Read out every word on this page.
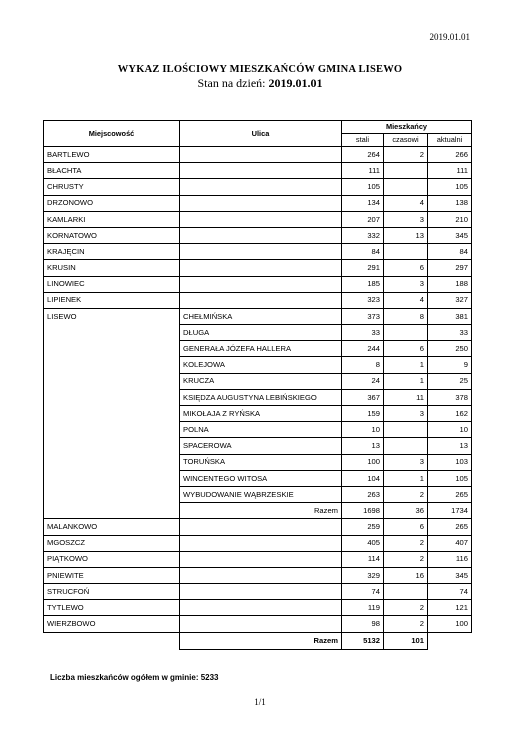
2019.01.01
WYKAZ ILOŚCIOWY MIESZKAŃCÓW GMINA LISEWO
Stan na dzień: 2019.01.01
Miejscowość	Ulica	Mieszkańcy		
		stali	czasowi	aktualni
BARTLEWO		264	2	266
BŁACHTA		111		111
CHRUSTY		105		105
DRZONOWO		134	4	138
KAMLARKI		207	3	210
KORNATOWO		332	13	345
KRAJĘCIN		84		84
KRUSIN		291	6	297
LINOWIEC		185	3	188
LIPIENEK		323	4	327
LISEWO	CHEŁMIŃSKA	373	8	381
	DŁUGA	33		33
	GENERAŁA JÓZEFA HALLERA	244	6	250
	KOLEJOWA	8	1	9
	KRUCZA	24	1	25
	KSIĘDZA AUGUSTYNA LEBIŃSKIEGO	367	11	378
	MIKOŁAJA Z RYŃSKA	159	3	162
	POLNA	10		10
	SPACEROWA	13		13
	TORUŃSKA	100	3	103
	WINCENTEGO WITOSA	104	1	105
	WYBUDOWANIE WĄBRZESKIE	263	2	265
	Razem	1698	36	1734
MALANKOWO		259	6	265
MGOSZCZ		405	2	407
PIĄTKOWO		114	2	116
PNIEWITE		329	16	345
STRUCFOŃ		74		74
TYTLEWO		119	2	121
WIERZBOWO		98	2	100
	Razem	5132	101	
Liczba mieszkańców ogółem w gminie: 5233
1/1
